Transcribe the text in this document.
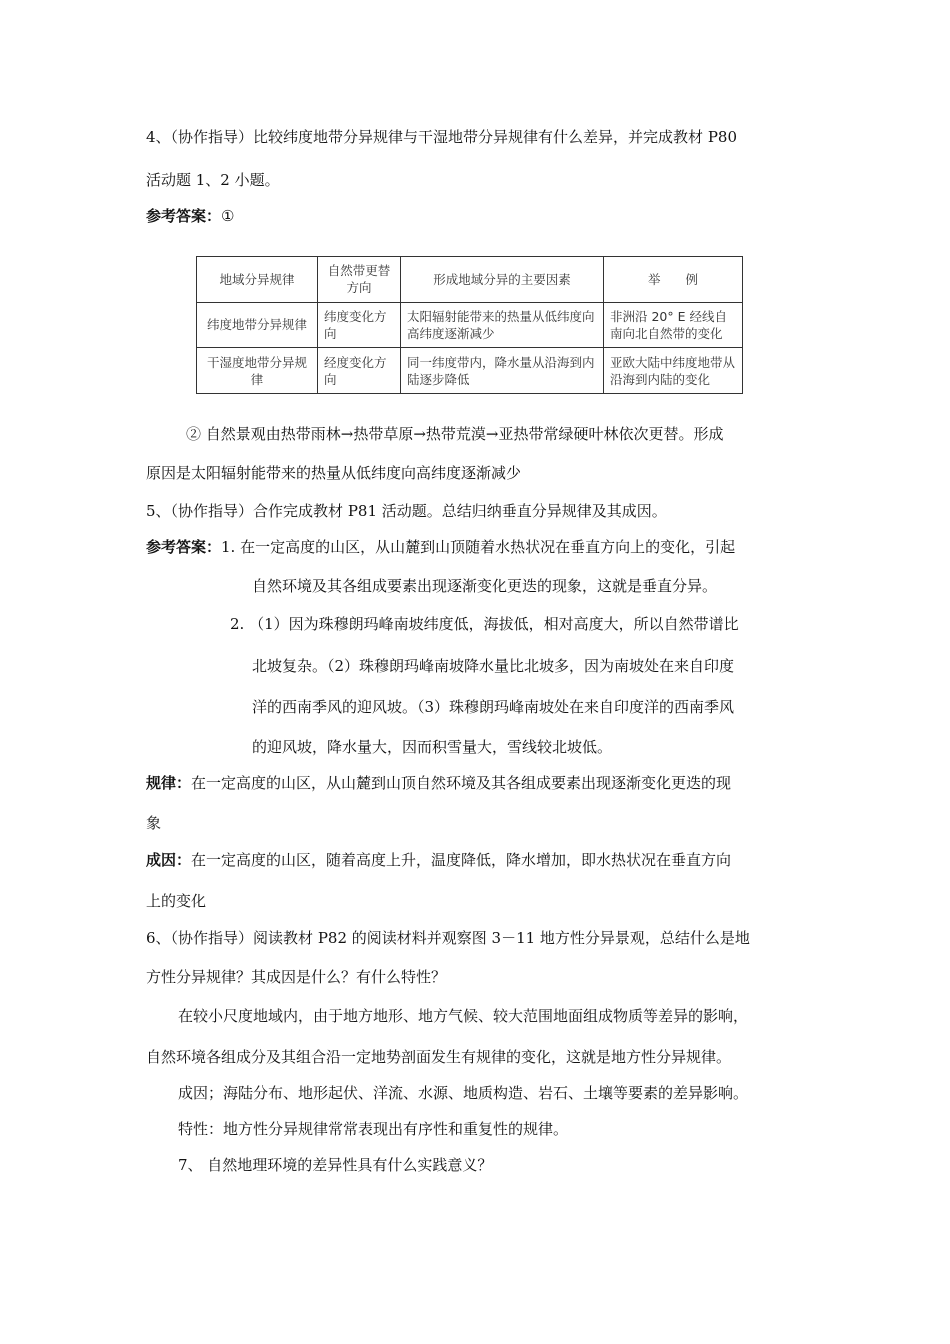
4、（协作指导）比较纬度地带分异规律与干湿地带分异规律有什么差异，并完成教材 P80
活动题 1、2 小题。
参考答案：①
地域分异规律	自然带更替方向	形成地域分异的主要因素	举　　例
纬度地带分异规律	纬度变化方向	太阳辐射能带来的热量从低纬度向高纬度逐渐减少	非洲沿 20° E 经线自南向北自然带的变化
干湿度地带分异规律	经度变化方向	同一纬度带内，降水量从沿海到内陆逐步降低	亚欧大陆中纬度地带从沿海到内陆的变化
② 自然景观由热带雨林→热带草原→热带荒漠→亚热带常绿硬叶林依次更替。形成
原因是太阳辐射能带来的热量从低纬度向高纬度逐渐减少
5、（协作指导）合作完成教材 P81 活动题。总结归纳垂直分异规律及其成因。
参考答案：1. 在一定高度的山区，从山麓到山顶随着水热状况在垂直方向上的变化，引起
自然环境及其各组成要素出现逐渐变化更迭的现象，这就是垂直分异。
2. （1）因为珠穆朗玛峰南坡纬度低，海拔低，相对高度大，所以自然带谱比
北坡复杂。（2）珠穆朗玛峰南坡降水量比北坡多，因为南坡处在来自印度
洋的西南季风的迎风坡。（3）珠穆朗玛峰南坡处在来自印度洋的西南季风
的迎风坡，降水量大，因而积雪量大，雪线较北坡低。
规律：在一定高度的山区，从山麓到山顶自然环境及其各组成要素出现逐渐变化更迭的现
象
成因：在一定高度的山区，随着高度上升，温度降低，降水增加，即水热状况在垂直方向
上的变化
6、（协作指导）阅读教材 P82 的阅读材料并观察图 3－11 地方性分异景观，总结什么是地
方性分异规律？其成因是什么？有什么特性？
在较小尺度地域内，由于地方地形、地方气候、较大范围地面组成物质等差异的影响，
自然环境各组成分及其组合沿一定地势剖面发生有规律的变化，这就是地方性分异规律。
成因；海陆分布、地形起伏、洋流、水源、地质构造、岩石、土壤等要素的差异影响。
特性：地方性分异规律常常表现出有序性和重复性的规律。
7、 自然地理环境的差异性具有什么实践意义？
